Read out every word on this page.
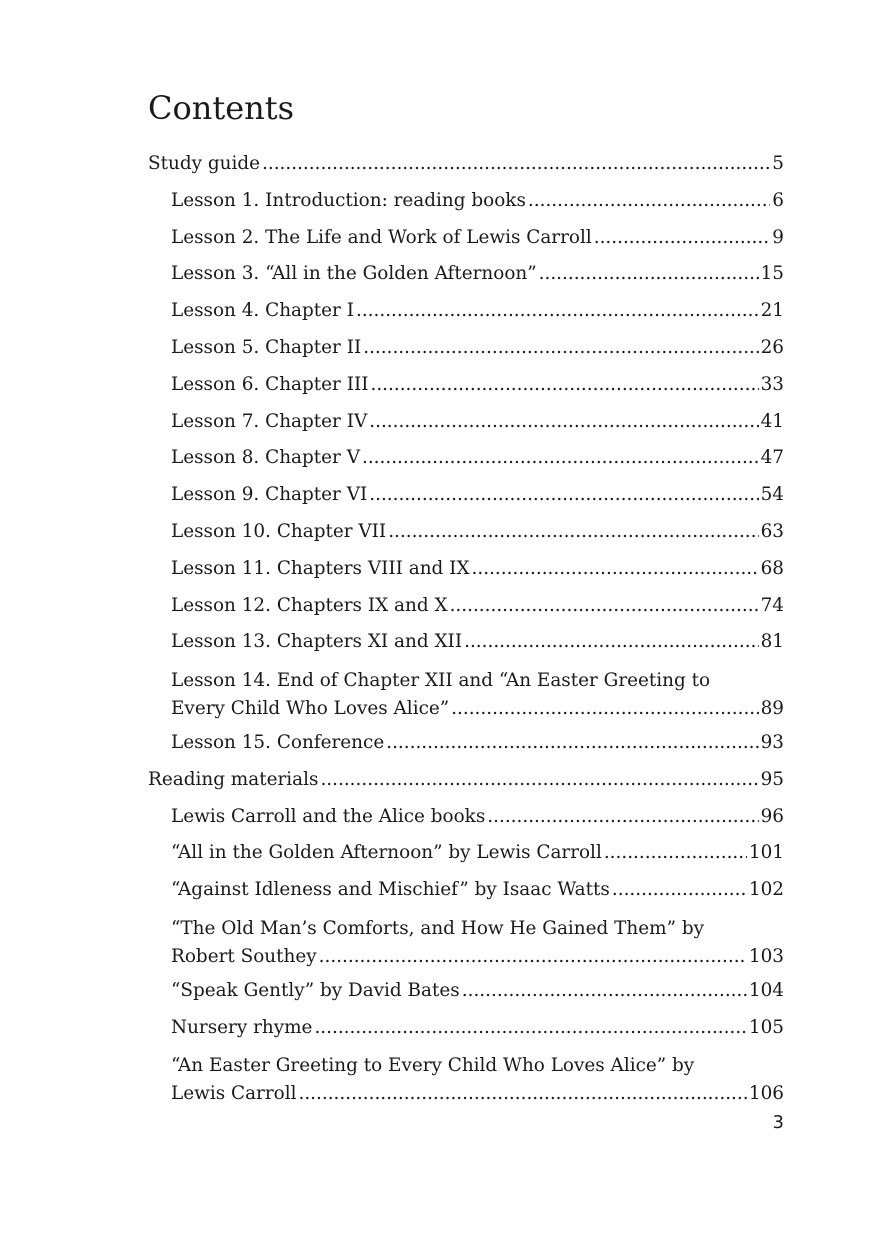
Contents
Study guide .....	5
Lesson 1. Introduction: reading books .....	6
Lesson 2. The Life and Work of Lewis Carroll .....	9
Lesson 3. “All in the Golden Afternoon” .....	15
Lesson 4. Chapter I .....	21
Lesson 5. Chapter II .....	26
Lesson 6. Chapter III .....	33
Lesson 7. Chapter IV .....	41
Lesson 8. Chapter V .....	47
Lesson 9. Chapter VI .....	54
Lesson 10. Chapter VII .....	63
Lesson 11. Chapters VIII and IX .....	68
Lesson 12. Chapters IX and X .....	74
Lesson 13. Chapters XI and XII .....	81
Lesson 14. End of Chapter XII and “An Easter Greeting to
Every Child Who Loves Alice” .....	89
Lesson 15. Conference .....	93
Reading materials .....	95
Lewis Carroll and the Alice books .....	96
“All in the Golden Afternoon” by Lewis Carroll .....	101
“Against Idleness and Mischief” by Isaac Watts .....	102
“The Old Man’s Comforts, and How He Gained Them” by
Robert Southey .....	103
“Speak Gently” by David Bates .....	104
Nursery rhyme .....	105
“An Easter Greeting to Every Child Who Loves Alice” by
Lewis Carroll .....	106
3
